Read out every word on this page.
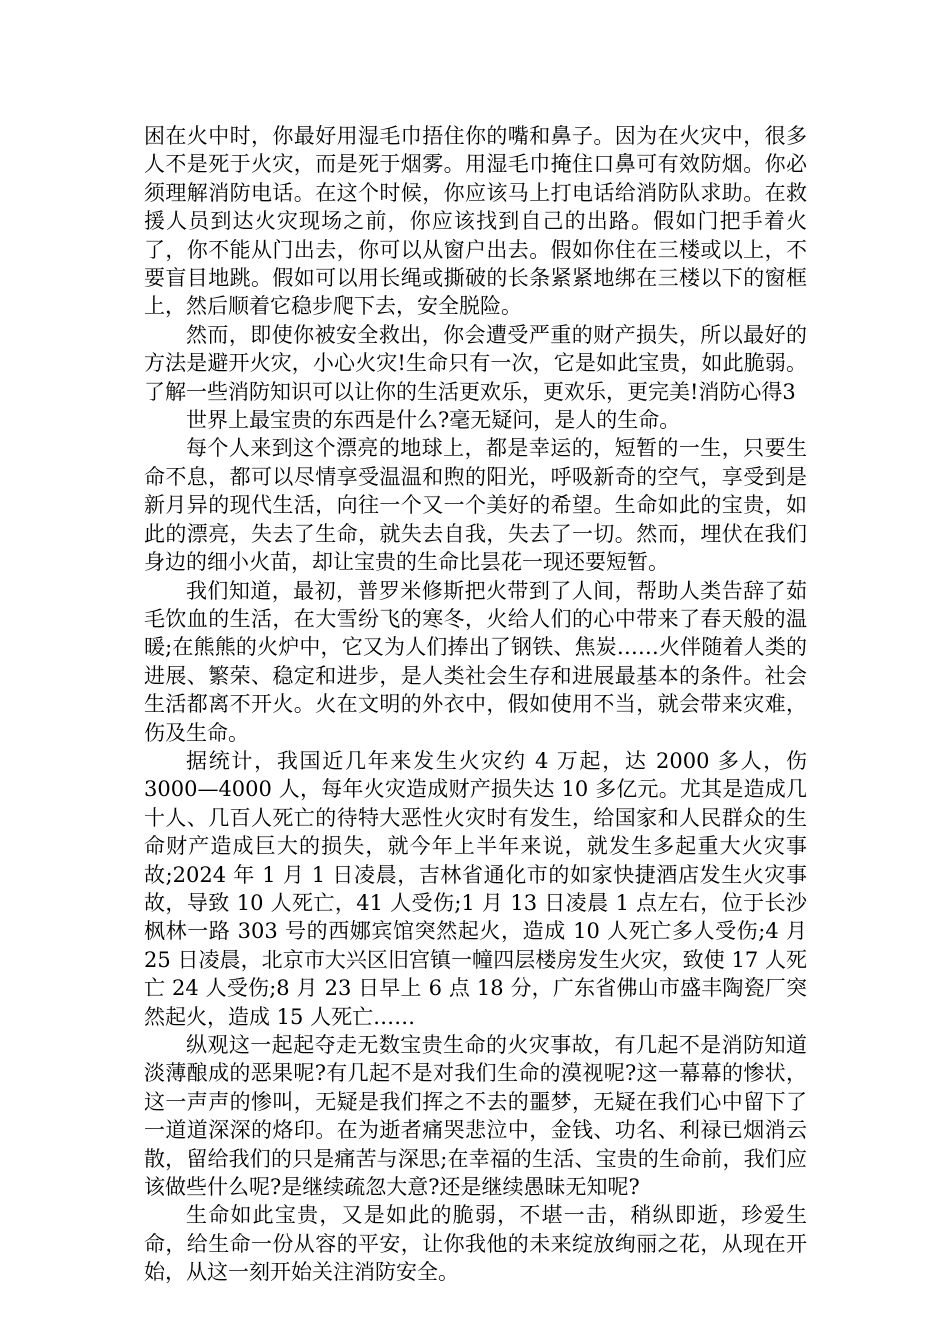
困在火中时，你最好用湿毛巾捂住你的嘴和鼻子。因为在火灾中，很多人不是死于火灾，而是死于烟雾。用湿毛巾掩住口鼻可有效防烟。你必须理解消防电话。在这个时候，你应该马上打电话给消防队求助。在救援人员到达火灾现场之前，你应该找到自己的出路。假如门把手着火了，你不能从门出去，你可以从窗户出去。假如你住在三楼或以上，不要盲目地跳。假如可以用长绳或撕破的长条紧紧地绑在三楼以下的窗框上，然后顺着它稳步爬下去，安全脱险。

然而，即使你被安全救出，你会遭受严重的财产损失，所以最好的方法是避开火灾，小心火灾!生命只有一次，它是如此宝贵，如此脆弱。了解一些消防知识可以让你的生活更欢乐，更欢乐，更完美!消防心得3

世界上最宝贵的东西是什么?毫无疑问，是人的生命。

每个人来到这个漂亮的地球上，都是幸运的，短暂的一生，只要生命不息，都可以尽情享受温温和煦的阳光，呼吸新奇的空气，享受到是新月异的现代生活，向往一个又一个美好的希望。生命如此的宝贵，如此的漂亮，失去了生命，就失去自我，失去了一切。然而，埋伏在我们身边的细小火苗，却让宝贵的生命比昙花一现还要短暂。

我们知道，最初，普罗米修斯把火带到了人间，帮助人类告辞了茹毛饮血的生活，在大雪纷飞的寒冬，火给人们的心中带来了春天般的温暖;在熊熊的火炉中，它又为人们捧出了钢铁、焦炭……火伴随着人类的进展、繁荣、稳定和进步，是人类社会生存和进展最基本的条件。社会生活都离不开火。火在文明的外衣中，假如使用不当，就会带来灾难，伤及生命。

据统计，我国近几年来发生火灾约 4 万起，达 2000 多人，伤 3000—4000 人，每年火灾造成财产损失达 10 多亿元。尤其是造成几十人、几百人死亡的待特大恶性火灾时有发生，给国家和人民群众的生命财产造成巨大的损失，就今年上半年来说，就发生多起重大火灾事故;2024 年 1 月 1 日凌晨，吉林省通化市的如家快捷酒店发生火灾事故，导致 10 人死亡，41 人受伤;1 月 13 日凌晨 1 点左右，位于长沙枫林一路 303 号的西娜宾馆突然起火，造成 10 人死亡多人受伤;4 月 25 日凌晨，北京市大兴区旧宫镇一幢四层楼房发生火灾，致使 17 人死亡 24 人受伤;8 月 23 日早上 6 点 18 分，广东省佛山市盛丰陶瓷厂突然起火，造成 15 人死亡……

纵观这一起起夺走无数宝贵生命的火灾事故，有几起不是消防知道淡薄酿成的恶果呢?有几起不是对我们生命的漠视呢?这一幕幕的惨状，这一声声的惨叫，无疑是我们挥之不去的噩梦，无疑在我们心中留下了一道道深深的烙印。在为逝者痛哭悲泣中，金钱、功名、利禄已烟消云散，留给我们的只是痛苦与深思;在幸福的生活、宝贵的生命前，我们应该做些什么呢?是继续疏忽大意?还是继续愚昧无知呢?

生命如此宝贵，又是如此的脆弱，不堪一击，稍纵即逝，珍爱生命，给生命一份从容的平安，让你我他的未来绽放绚丽之花，从现在开始，从这一刻开始关注消防安全。
